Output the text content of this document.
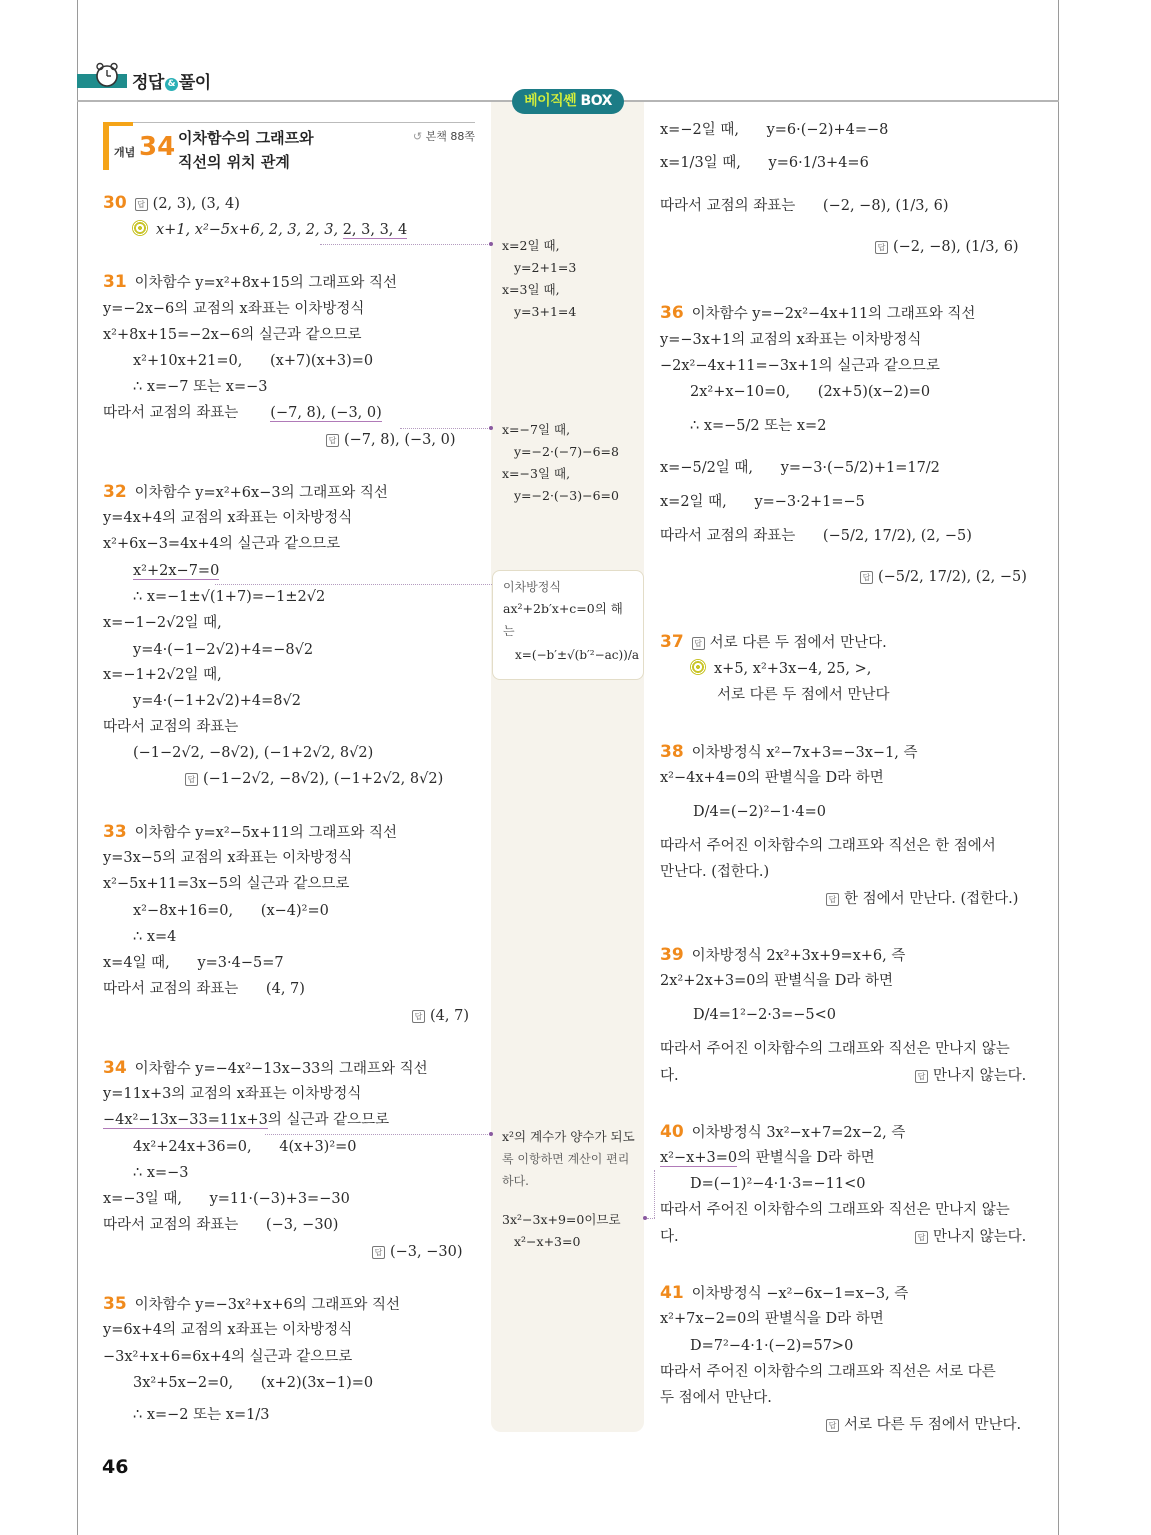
정답 & 풀이
베이직쎈 BOX
개념 34 이차함수의 그래프와
직선의 위치 관계
↺ 본책 88쪽
30 답 (2, 3), (3, 4)
x+1, x²−5x+6, 2, 3, 2, 3, 2, 3, 3, 4
31 이차함수 y=x²+8x+15의 그래프와 직선
y=−2x−6의 교점의 x좌표는 이차방정식
x²+8x+15=−2x−6의 실근과 같으므로
x²+10x+21=0,      (x+7)(x+3)=0
∴ x=−7 또는 x=−3
따라서 교점의 좌표는 (−7, 8), (−3, 0)
답 (−7, 8), (−3, 0)
32 이차함수 y=x²+6x−3의 그래프와 직선
y=4x+4의 교점의 x좌표는 이차방정식
x²+6x−3=4x+4의 실근과 같으므로
x²+2x−7=0
∴ x=−1±√(1+7)=−1±2√2
x=−1−2√2일 때,
y=4·(−1−2√2)+4=−8√2
x=−1+2√2일 때,
y=4·(−1+2√2)+4=8√2
따라서 교점의 좌표는
(−1−2√2, −8√2), (−1+2√2, 8√2)
답 (−1−2√2, −8√2), (−1+2√2, 8√2)
33 이차함수 y=x²−5x+11의 그래프와 직선
y=3x−5의 교점의 x좌표는 이차방정식
x²−5x+11=3x−5의 실근과 같으므로
x²−8x+16=0,      (x−4)²=0
∴ x=4
x=4일 때,      y=3·4−5=7
따라서 교점의 좌표는      (4, 7)
답 (4, 7)
34 이차함수 y=−4x²−13x−33의 그래프와 직선
y=11x+3의 교점의 x좌표는 이차방정식
−4x²−13x−33=11x+3의 실근과 같으므로
4x²+24x+36=0,      4(x+3)²=0
∴ x=−3
x=−3일 때,      y=11·(−3)+3=−30
따라서 교점의 좌표는      (−3, −30)
답 (−3, −30)
35 이차함수 y=−3x²+x+6의 그래프와 직선
y=6x+4의 교점의 x좌표는 이차방정식
−3x²+x+6=6x+4의 실근과 같으므로
3x²+5x−2=0,      (x+2)(3x−1)=0
∴ x=−2 또는 x=1/3
46
x=2일 때,
y=2+1=3
x=3일 때,
y=3+1=4
x=−7일 때,
y=−2·(−7)−6=8
x=−3일 때,
y=−2·(−3)−6=0
이차방정식
ax²+2b′x+c=0의 해
는
x=(−b′±√(b′²−ac))/a
x²의 계수가 양수가 되도
록 이항하면 계산이 편리
하다.
3x²−3x+9=0이므로
x²−x+3=0
x=−2일 때,      y=6·(−2)+4=−8
x=1/3일 때,      y=6·1/3+4=6
따라서 교점의 좌표는      (−2, −8), (1/3, 6)
답 (−2, −8), (1/3, 6)
36 이차함수 y=−2x²−4x+11의 그래프와 직선
y=−3x+1의 교점의 x좌표는 이차방정식
−2x²−4x+11=−3x+1의 실근과 같으므로
2x²+x−10=0,      (2x+5)(x−2)=0
∴ x=−5/2 또는 x=2
x=−5/2일 때,      y=−3·(−5/2)+1=17/2
x=2일 때,      y=−3·2+1=−5
따라서 교점의 좌표는      (−5/2, 17/2), (2, −5)
답 (−5/2, 17/2), (2, −5)
37 답 서로 다른 두 점에서 만난다.
x+5, x²+3x−4, 25, >,
서로 다른 두 점에서 만난다
38 이차방정식 x²−7x+3=−3x−1, 즉
x²−4x+4=0의 판별식을 D라 하면
D/4=(−2)²−1·4=0
따라서 주어진 이차함수의 그래프와 직선은 한 점에서
만난다. (접한다.)
답 한 점에서 만난다. (접한다.)
39 이차방정식 2x²+3x+9=x+6, 즉
2x²+2x+3=0의 판별식을 D라 하면
D/4=1²−2·3=−5<0
따라서 주어진 이차함수의 그래프와 직선은 만나지 않는
다.	답 만나지 않는다.
40 이차방정식 3x²−x+7=2x−2, 즉
x²−x+3=0의 판별식을 D라 하면
D=(−1)²−4·1·3=−11<0
따라서 주어진 이차함수의 그래프와 직선은 만나지 않는
다.	답 만나지 않는다.
41 이차방정식 −x²−6x−1=x−3, 즉
x²+7x−2=0의 판별식을 D라 하면
D=7²−4·1·(−2)=57>0
따라서 주어진 이차함수의 그래프와 직선은 서로 다른
두 점에서 만난다.
답 서로 다른 두 점에서 만난다.
